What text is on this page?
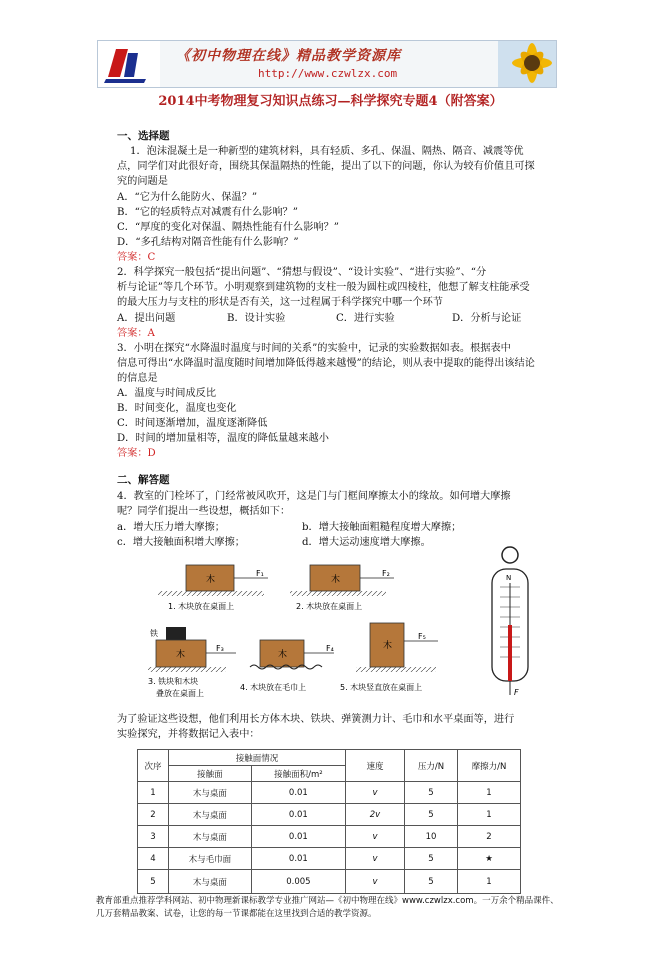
《初中物理在线》精品教学资源库
http://www.czwlzx.com
2014中考物理复习知识点练习—科学探究专题4（附答案）
一、选择题
1．泡沫混凝土是一种新型的建筑材料，具有轻质、多孔、保温、隔热、隔音、减震等优
点，同学们对此很好奇，围绕其保温隔热的性能，提出了以下的问题，你认为较有价值且可探
究的问题是
A．“它为什么能防火、保温？”
B．“它的轻质特点对减震有什么影响？”
C．“厚度的变化对保温、隔热性能有什么影响？”
D．“多孔结构对隔音性能有什么影响？”
答案：C
2．科学探究一般包括“提出问题”、“猜想与假设”、“设计实验”、“进行实验”、“分
析与论证”等几个环节。小明观察到建筑物的支柱一般为圆柱或四棱柱，他想了解支柱能承受
的最大压力与支柱的形状是否有关，这一过程属于科学探究中哪一个环节
A．提出问题	B．设计实验	C．进行实验	D．分析与论证
答案：A
3．小明在探究“水降温时温度与时间的关系”的实验中，记录的实验数据如表。根据表中
信息可得出“水降温时温度随时间增加降低得越来越慢”的结论，则从表中提取的能得出该结论
的信息是
A．温度与时间成反比
B．时间变化，温度也变化
C．时间逐渐增加，温度逐渐降低
D．时间的增加量相等，温度的降低量越来越小
答案：D
二、解答题
4．教室的门栓坏了，门经常被风吹开，这是门与门框间摩擦太小的缘故。如何增大摩擦
呢？同学们提出一些设想，概括如下：
a．增大压力增大摩擦；	b．增大接触面粗糙程度增大摩擦；
c．增大接触面积增大摩擦；	d．增大运动速度增大摩擦。
木
F₁
1. 木块放在桌面上
木
F₂
2. 木块放在桌面上
铁
木
F₃
3. 铁块和木块
叠放在桌面上
木
F₄
4. 木块放在毛巾上
木
F₅
5. 木块竖直放在桌面上
N
F
为了验证这些设想，他们利用长方体木块、铁块、弹簧测力计、毛巾和水平桌面等，进行
实验探究，并将数据记入表中：
次序	接触面情况		速度	压力/N	摩擦力/N
	接触面	接触面积/m²			
1	木与桌面	0.01	v	5	1
2	木与桌面	0.01	2v	5	1
3	木与桌面	0.01	v	10	2
4	木与毛巾面	0.01	v	5	★
5	木与桌面	0.005	v	5	1
教育部重点推荐学科网站、初中物理新课标教学专业推广网站—《初中物理在线》www.czwlzx.com。一万余个精品课件、几万套精品教案、试卷，让您的每一节课都能在这里找到合适的教学资源。
